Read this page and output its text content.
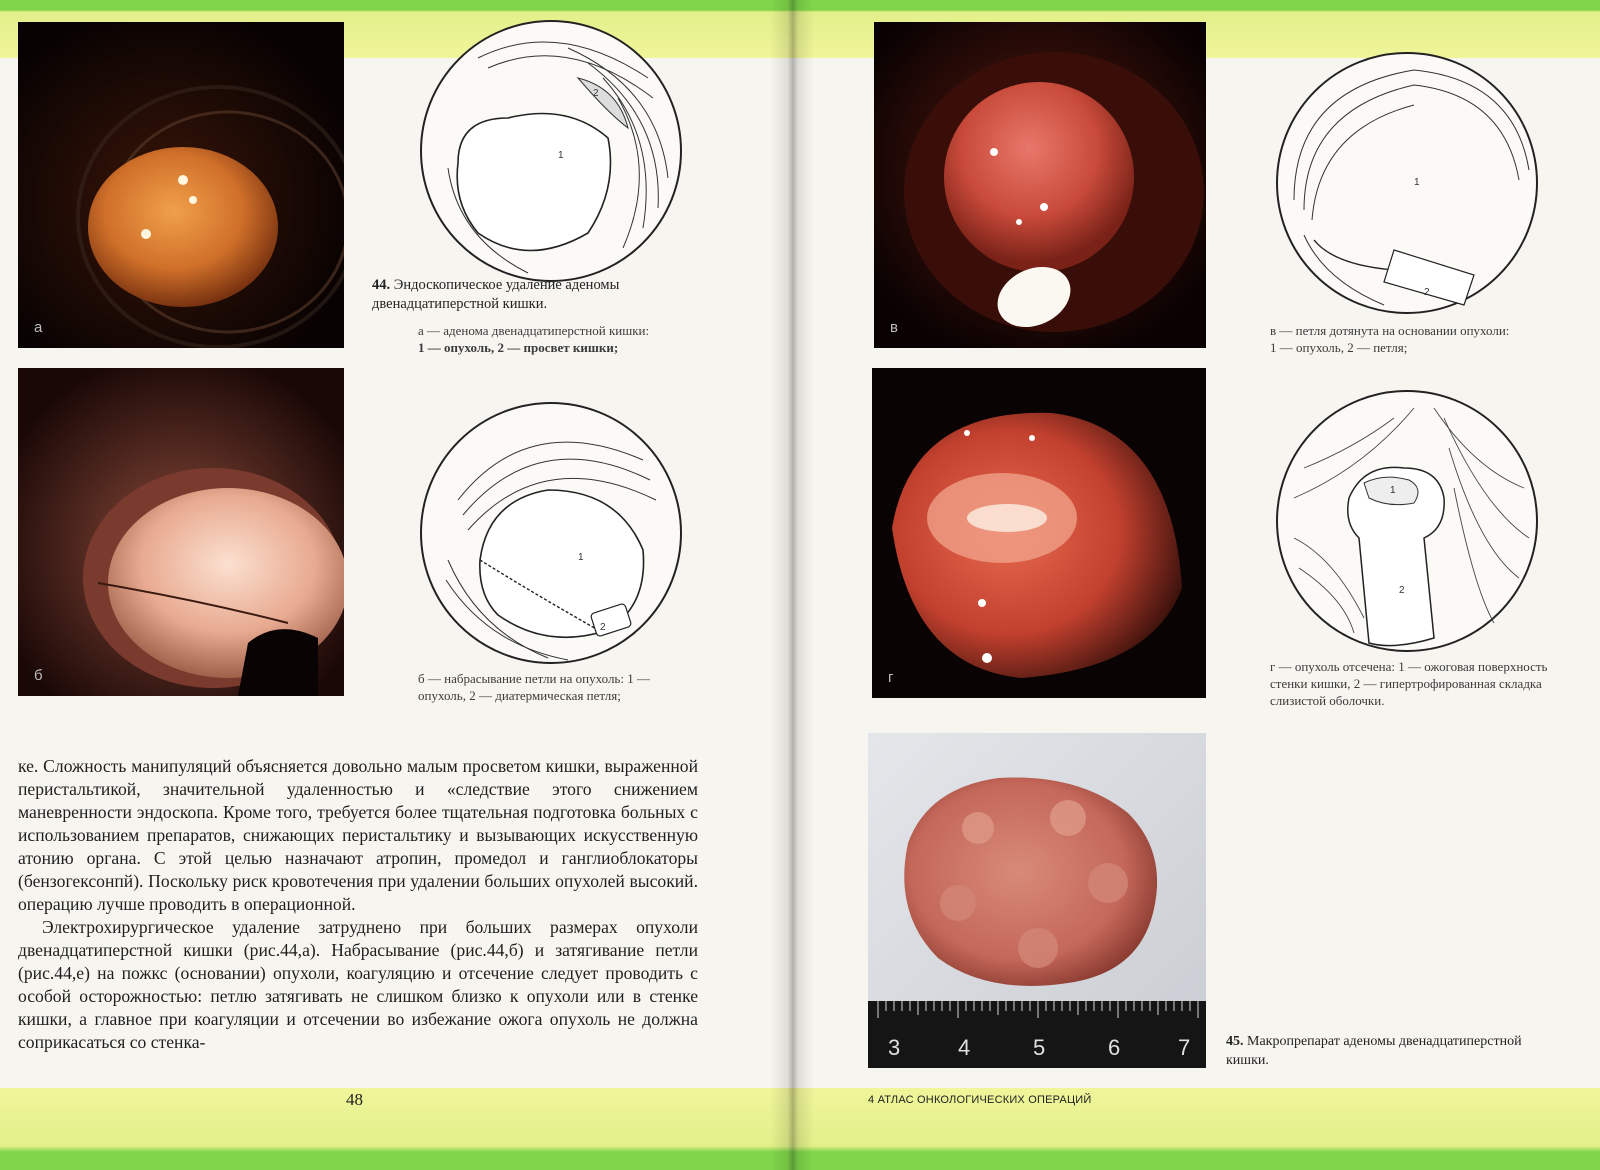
а
б
1
2
1
2
44. Эндоскопическое удаление аденомы двенадцатиперстной кишки.
а — аденома двенадцатиперстной кишки:
1 — опухоль, 2 — просвет кишки;
б — набрасывание петли на опухоль: 1 — опухоль, 2 — диатермическая петля;

ке. Сложность манипуляций объясняется довольно малым просветом кишки, выраженной перистальтикой, значительной удаленностью и «следствие этого снижением маневренности эндоскопа. Кроме того, требуется более тщательная подготовка больных с использованием препаратов, снижающих перистальтику и вызывающих искусственную атонию органа. С этой целью назначают атропин, промедол и ганглиоблокаторы (бензогексонпй). Поскольку риск кровотечения при удалении больших опухолей высокий. операцию лучше проводить в операционной.

Электрохирургическое удаление затруднено при больших размерах опухоли двенадцатиперстной кишки (рис.44,а). Набрасывание (рис.44,б) и затягивание петли (рис.44,е) на пожкс (основании) опухоли, коагуляцию и отсечение следует проводить с особой осторожностью: петлю затягивать не слишком близко к опухоли или в стенке кишки, а главное при коагуляции и отсечении во избежание ожога опухоль не должна соприкасаться со стенка-

48
в
г
1
2
1
2
в — петля дотянута на основании опухоли:
1 — опухоль, 2 — петля;
г — опухоль отсечена: 1 — ожоговая поверхность стенки кишки, 2 — гипертрофированная складка слизистой оболочки.
3	4	5	6	7	45. Макропрепарат аденомы двенадцатиперстной кишки.
4 АТЛАС ОНКОЛОГИЧЕСКИХ ОПЕРАЦИЙ
